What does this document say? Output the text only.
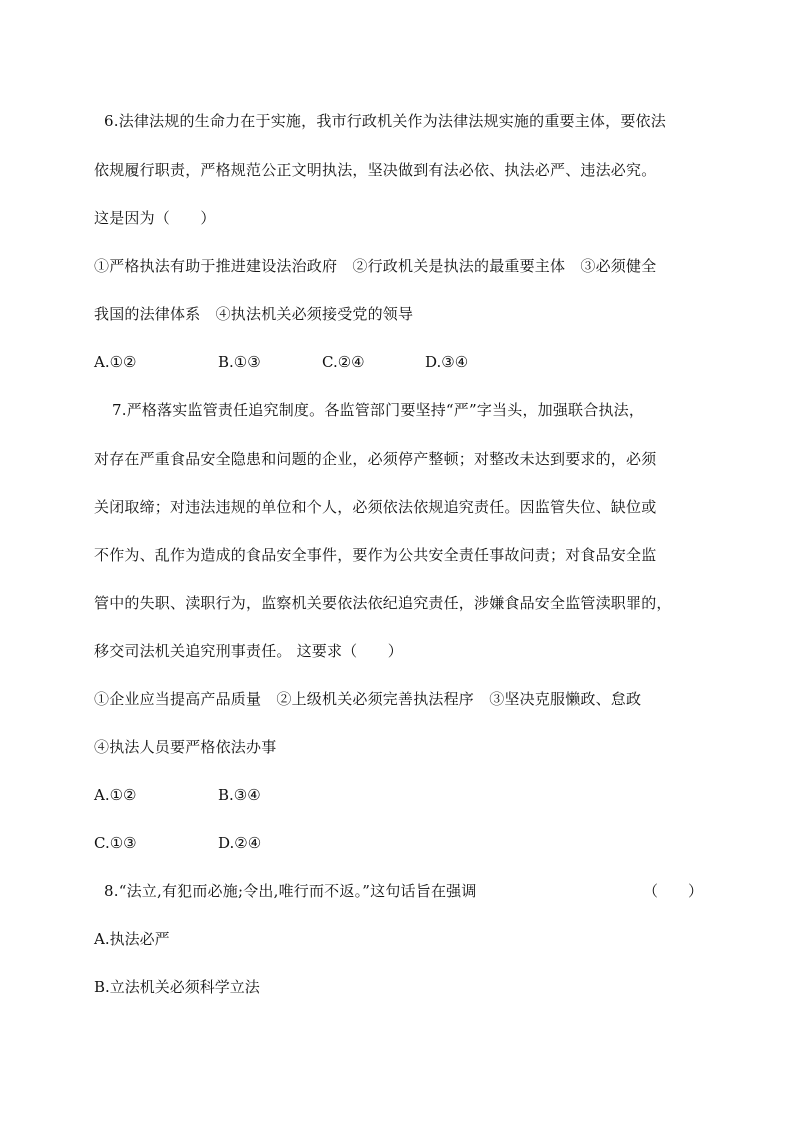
6.法律法规的生命力在于实施，我市行政机关作为法律法规实施的重要主体，要依法
依规履行职责，严格规范公正文明执法，坚决做到有法必依、执法必严、违法必究。
这是因为（　　）
①严格执法有助于推进建设法治政府　②行政机关是执法的最重要主体　③必须健全
我国的法律体系　④执法机关必须接受党的领导
A.①②	B.①③	C.②④	D.③④
7.严格落实监管责任追究制度。各监管部门要坚持“严”字当头，加强联合执法，
对存在严重食品安全隐患和问题的企业，必须停产整顿；对整改未达到要求的，必须
关闭取缔；对违法违规的单位和个人，必须依法依规追究责任。因监管失位、缺位或
不作为、乱作为造成的食品安全事件，要作为公共安全责任事故问责；对食品安全监
管中的失职、渎职行为，监察机关要依法依纪追究责任，涉嫌食品安全监管渎职罪的，
移交司法机关追究刑事责任。 这要求（　　）
①企业应当提高产品质量　②上级机关必须完善执法程序　③坚决克服懒政、怠政
④执法人员要严格依法办事
A.①②	B.③④
C.①③	D.②④
8.“法立,有犯而必施;令出,唯行而不返。”这句话旨在强调	（　　）
A.执法必严
B.立法机关必须科学立法
